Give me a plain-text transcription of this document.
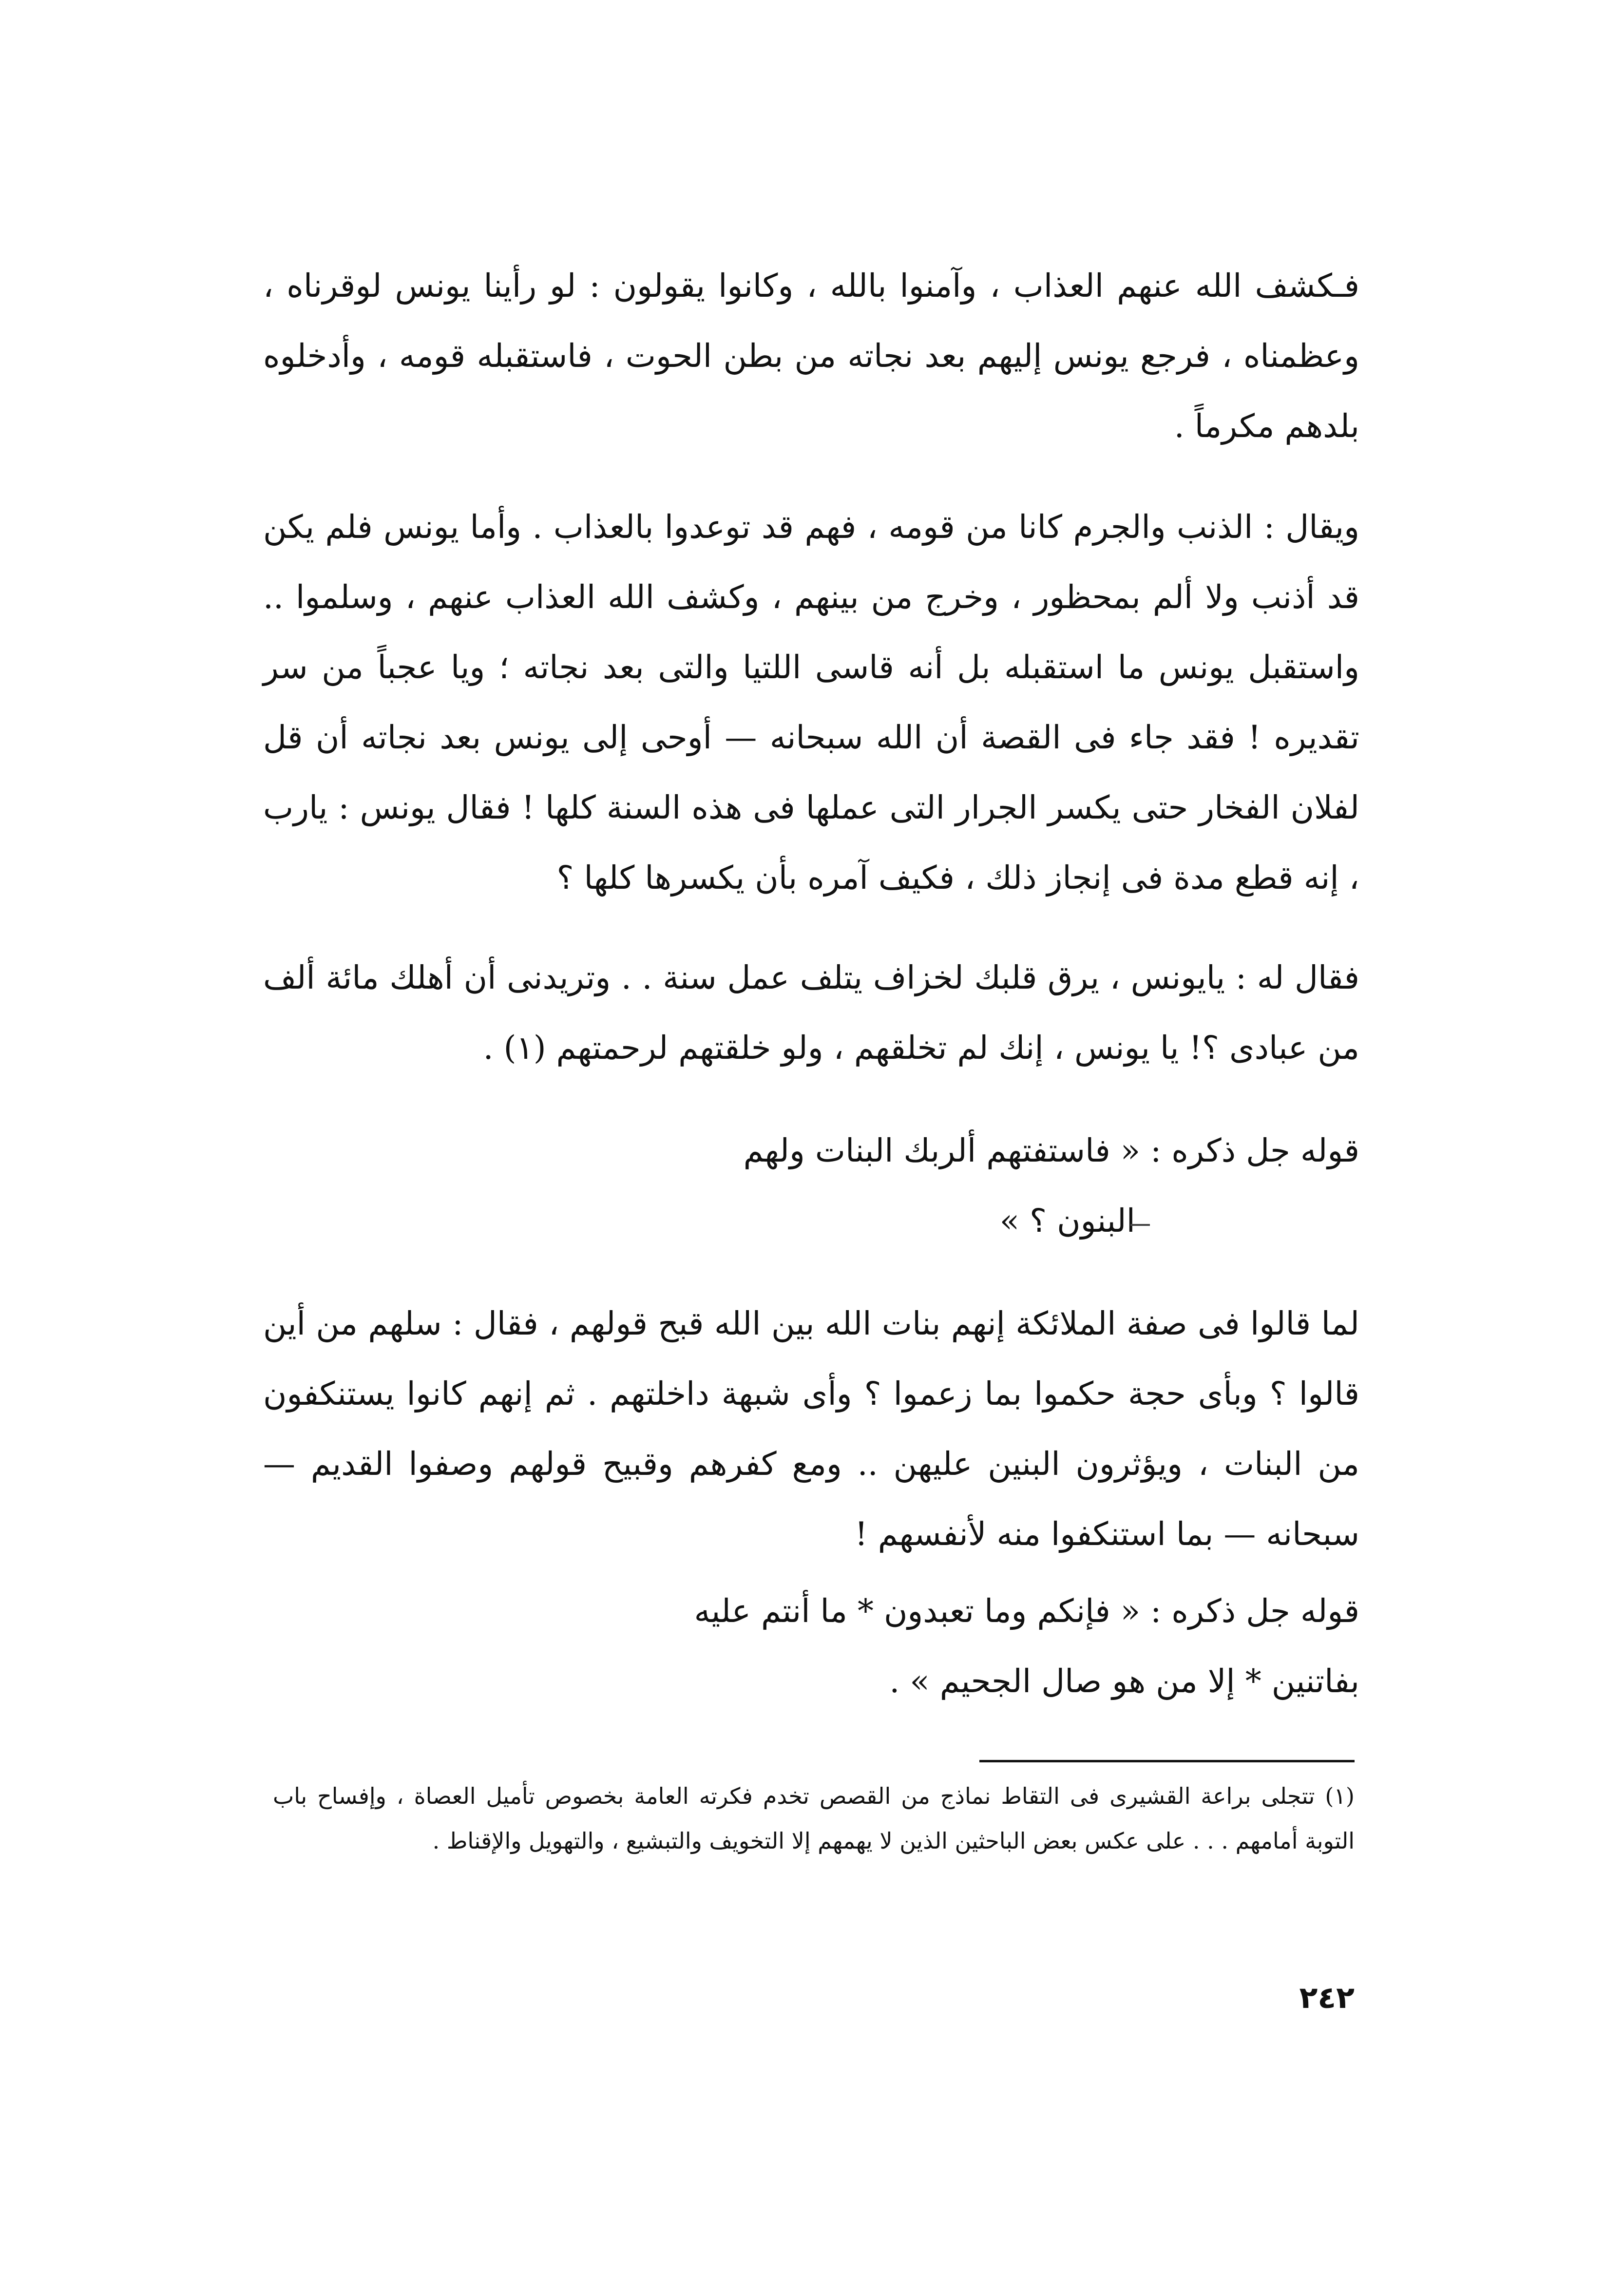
فـكشف الله عنهم العذاب ، وآمنوا بالله ، وكانوا يقولون : لو رأينا يونس لوقرناه ، وعظمناه ، فرجع يونس إليهم بعد نجاته من بطن الحوت ، فاستقبله قومه ، وأدخلوه بلدهم مكرماً .

ويقال : الذنب والجرم كانا من قومه ، فهم قد توعدوا بالعذاب . وأما يونس فلم يكن قد أذنب ولا ألم بمحظور ، وخرج من بينهم ، وكشف الله العذاب عنهم ، وسلموا .. واستقبل يونس ما استقبله بل أنه قاسى اللتيا والتى بعد نجاته ؛ ويا عجباً من سر تقديره ! فقد جاء فى القصة أن الله سبحانه — أوحى إلى يونس بعد نجاته أن قل لفلان الفخار حتى يكسر الجرار التى عملها فى هذه السنة كلها ! فقال يونس : يارب ، إنه قطع مدة فى إنجاز ذلك ، فكيف آمره بأن يكسرها كلها ؟

فقال له : يايونس ، يرق قلبك لخزاف يتلف عمل سنة . . وتريدنى أن أهلك مائة ألف من عبادى ؟! يا يونس ، إنك لم تخلقهم ، ولو خلقتهم لرحمتهم (١) .

قوله جل ذكره : « فاستفتهم ألربك البنات ولهم
البنون ؟ »

لما قالوا فى صفة الملائكة إنهم بنات الله بين الله قبح قولهم ، فقال : سلهم من أين قالوا ؟ وبأى حجة حكموا بما زعموا ؟ وأى شبهة داخلتهم . ثم إنهم كانوا يستنكفون من البنات ، ويؤثرون البنين عليهن .. ومع كفرهم وقبيح قولهم وصفوا القديم — سبحانه — بما استنكفوا منه لأنفسهم !

قوله جل ذكره : « فإنكم وما تعبدون * ما أنتم عليه
بفاتنين * إلا من هو صال الجحيم » .

(١) تتجلى براعة القشيرى فى التقاط نماذج من القصص تخدم فكرته العامة بخصوص تأميل العصاة ، وإفساح باب التوبة أمامهم . . . على عكس بعض الباحثين الذين لا يهمهم إلا التخويف والتبشيع ، والتهويل والإقناط .

٢٤٢
